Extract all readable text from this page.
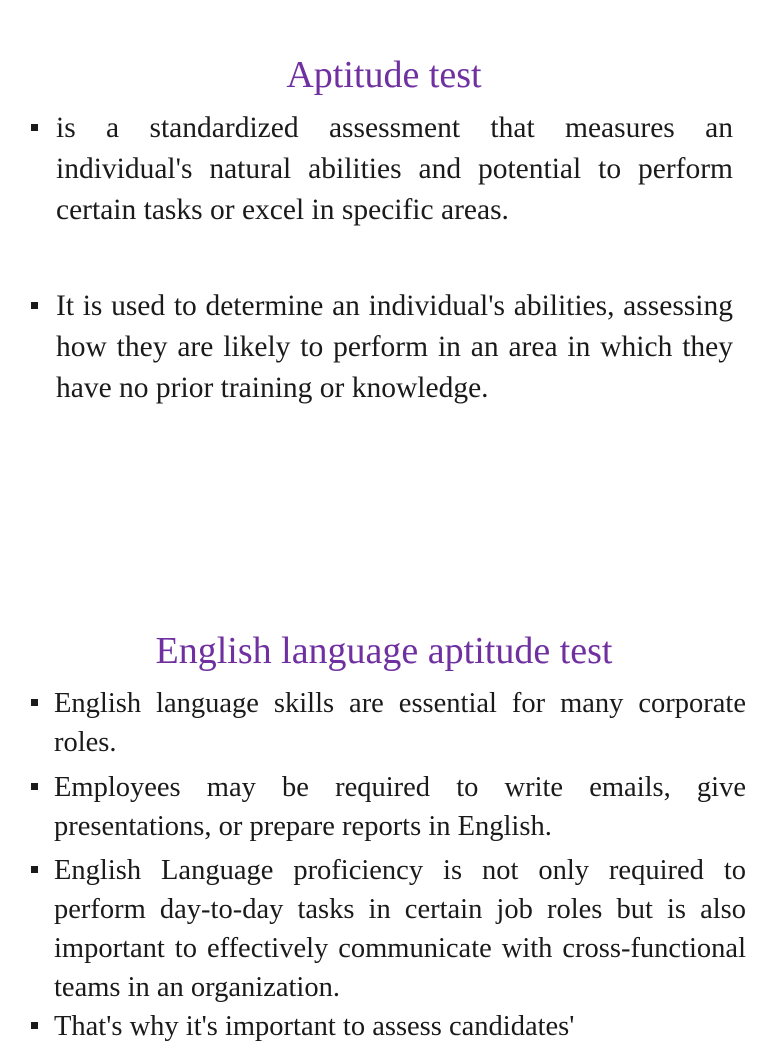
Aptitude test
is a standardized assessment that measures an individual's natural abilities and potential to perform certain tasks or excel in specific areas.
It is used to determine an individual's abilities, assessing how they are likely to perform in an area in which they have no prior training or knowledge.
English language aptitude test
English language skills are essential for many corporate roles.
Employees may be required to write emails, give presentations, or prepare reports in English.
English Language proficiency is not only required to perform day-to-day tasks in certain job roles but is also important to effectively communicate with cross-functional teams in an organization.
That's why it's important to assess candidates'
